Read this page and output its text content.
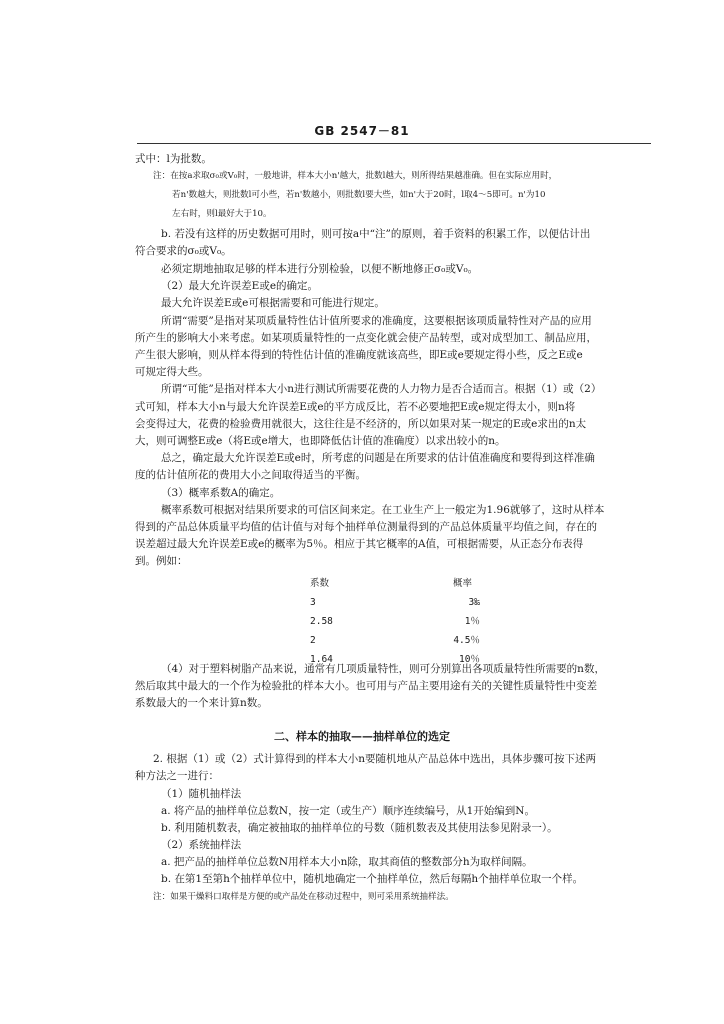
GB 2547－81
式中：l为批数。
注：在按a求取σ₀或V₀时，一般地讲，样本大小n'越大，批数l越大，则所得结果越准确。但在实际应用时，
若n'数越大，则批数l可小些，若n'数越小，则批数l要大些，如n'大于20时，l取4～5即可。n'为10
左右时，则l最好大于10。
b. 若没有这样的历史数据可用时，则可按a中“注”的原则，着手资料的积累工作，以便估计出
符合要求的σ₀或V₀。
必须定期地抽取足够的样本进行分别检验，以便不断地修正σ₀或V₀。
（2）最大允许误差E或e的确定。
最大允许误差E或e可根据需要和可能进行规定。
所谓“需要”是指对某项质量特性估计值所要求的准确度，这要根据该项质量特性对产品的应用
所产生的影响大小来考虑。如某项质量特性的一点变化就会使产品转型，或对成型加工、制品应用，
产生很大影响，则从样本得到的特性估计值的准确度就该高些，即E或e要规定得小些，反之E或e
可规定得大些。
所谓“可能”是指对样本大小n进行测试所需要花费的人力物力是否合适而言。根据（1）或（2）
式可知，样本大小n与最大允许误差E或e的平方成反比，若不必要地把E或e规定得太小，则n将
会变得过大，花费的检验费用就很大，这往往是不经济的，所以如果对某一规定的E或e求出的n太
大，则可调整E或e（将E或e增大，也即降低估计值的准确度）以求出较小的n。
总之，确定最大允许误差E或e时，所考虑的问题是在所要求的估计值准确度和要得到这样准确
度的估计值所花的费用大小之间取得适当的平衡。
（3）概率系数A的确定。
概率系数可根据对结果所要求的可信区间来定。在工业生产上一般定为1.96就够了，这时从样本
得到的产品总体质量平均值的估计值与对每个抽样单位测量得到的产品总体质量平均值之间，存在的
误差超过最大允许误差E或e的概率为5％。相应于其它概率的A值，可根据需要，从正态分布表得
到。例如：
系数	概率
3	3‰
2.58	1％
2	4.5％
1.64	10％
（4）对于塑料树脂产品来说，通常有几项质量特性，则可分别算出各项质量特性所需要的n数，
然后取其中最大的一个作为检验批的样本大小。也可用与产品主要用途有关的关键性质量特性中变差
系数最大的一个来计算n数。
二、样本的抽取——抽样单位的选定
2. 根据（1）或（2）式计算得到的样本大小n要随机地从产品总体中选出，具体步骤可按下述两
种方法之一进行：
（1）随机抽样法
a. 将产品的抽样单位总数N，按一定（或生产）顺序连续编号，从1开始编到N。
b. 利用随机数表，确定被抽取的抽样单位的号数（随机数表及其使用法参见附录一）。
（2）系统抽样法
a. 把产品的抽样单位总数N用样本大小n除，取其商值的整数部分h为取样间隔。
b. 在第1至第h个抽样单位中，随机地确定一个抽样单位，然后每隔h个抽样单位取一个样。
注：如果干燥料口取样是方便的或产品处在移动过程中，则可采用系统抽样法。
